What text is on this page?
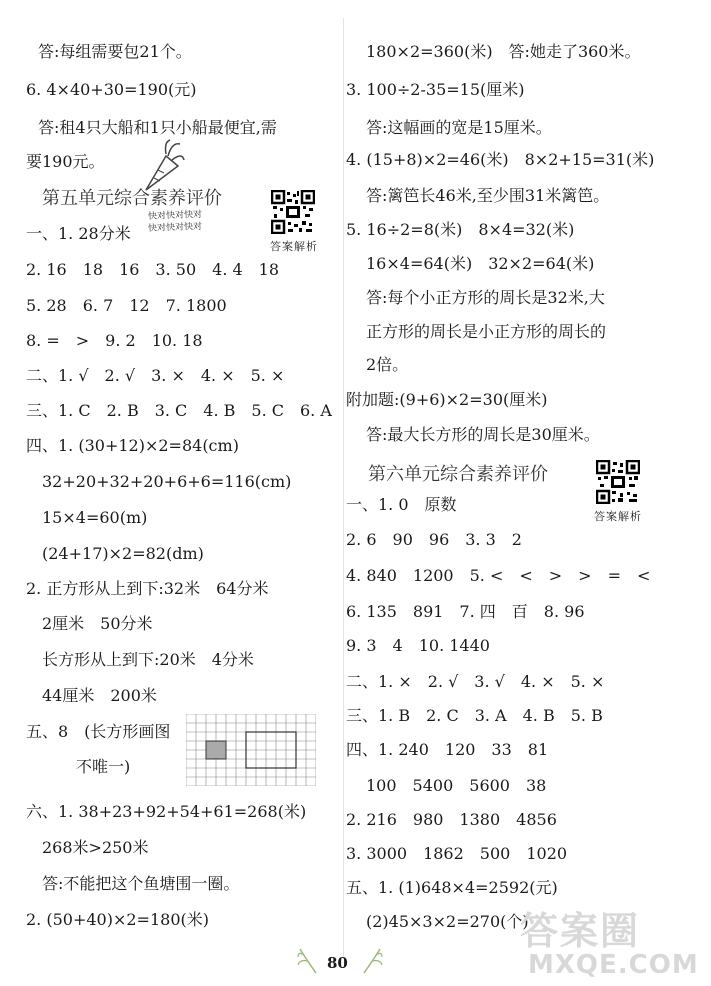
答:每组需要包21个。
6. 4×40+30=190(元)
答:租4只大船和1只小船最便宜,需
要190元。
第五单元综合素养评价
一、1. 28分米
2. 16　18　16　3. 50　4. 4　18
5. 28　6. 7　12　7. 1800
8. =　>　9. 2　10. 18
二、1. √　2. √　3. ×　4. ×　5. ×
三、1. C　2. B　3. C　4. B　5. C　6. A
四、1. (30+12)×2=84(cm)
32+20+32+20+6+6=116(cm)
15×4=60(m)
(24+17)×2=82(dm)
2. 正方形从上到下:32米　64分米
2厘米　50分米
长方形从上到下:20米　4分米
44厘米　200米
五、8　(长方形画图
不唯一)
六、1. 38+23+92+54+61=268(米)
268米>250米
答:不能把这个鱼塘围一圈。
2. (50+40)×2=180(米)
快对快对快对
快对快对快对
答案解析
180×2=360(米)　答:她走了360米。
3. 100÷2-35=15(厘米)
答:这幅画的宽是15厘米。
4. (15+8)×2=46(米)　8×2+15=31(米)
答:篱笆长46米,至少围31米篱笆。
5. 16÷2=8(米)　8×4=32(米)
16×4=64(米)　32×2=64(米)
答:每个小正方形的周长是32米,大
正方形的周长是小正方形的周长的
2倍。
附加题:(9+6)×2=30(厘米)
答:最大长方形的周长是30厘米。
第六单元综合素养评价
一、1. 0　原数
2. 6　90　96　3. 3　2
4. 840　1200　5. <　<　>　>　=　<
6. 135　891　7. 四　百　8. 96
9. 3　4　10. 1440
二、1. ×　2. √　3. √　4. ×　5. ×
三、1. B　2. C　3. A　4. B　5. B
四、1. 240　120　33　81
100　5400　5600　38
2. 216　980　1380　4856
3. 3000　1862　500　1020
五、1. (1)648×4=2592(元)
(2)45×3×2=270(个)
答案解析
80
答案圈
MXQE.COM
